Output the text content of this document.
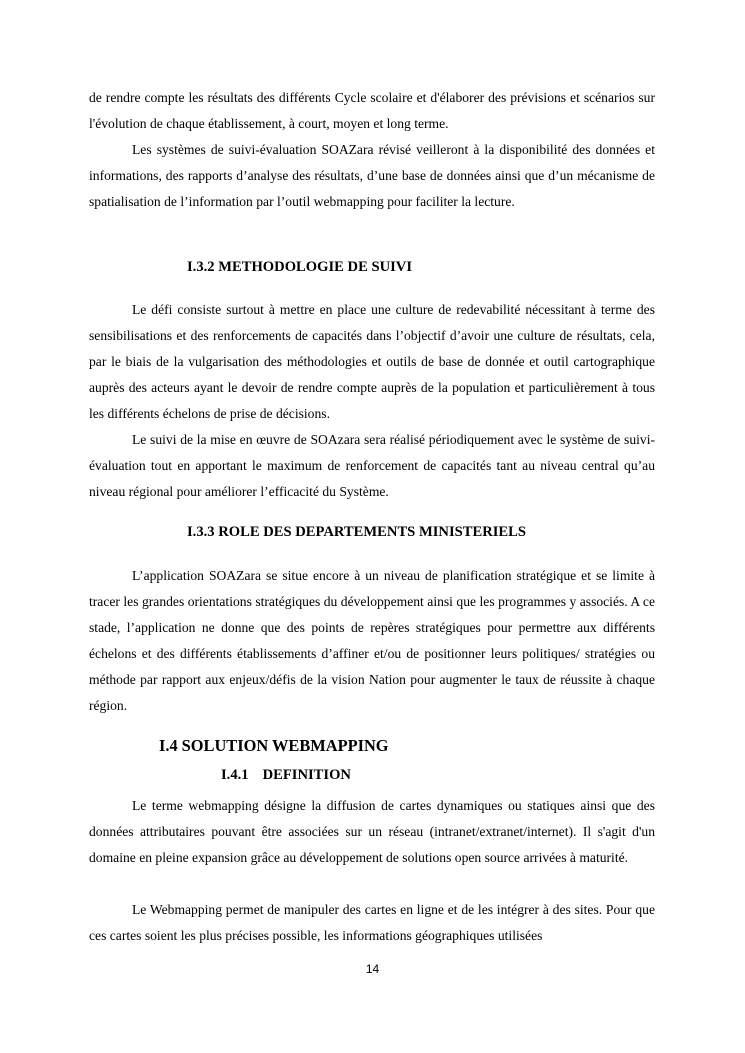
de rendre compte les résultats des différents Cycle scolaire et d'élaborer des prévisions et scénarios sur l'évolution de chaque établissement, à court, moyen et long terme.

Les systèmes de suivi-évaluation SOAZara révisé veilleront à la disponibilité des données et informations, des rapports d’analyse des résultats, d’une base de données ainsi que d’un mécanisme de spatialisation de l’information par l’outil webmapping pour faciliter la lecture.

I.3.2 METHODOLOGIE DE SUIVI

Le défi consiste surtout à mettre en place une culture de redevabilité nécessitant à terme des sensibilisations et des renforcements de capacités dans l’objectif d’avoir une culture de résultats, cela, par le biais de la vulgarisation des méthodologies et outils de base de donnée et outil cartographique auprès des acteurs ayant le devoir de rendre compte auprès de la population et particulièrement à tous les différents échelons de prise de décisions.

Le suivi de la mise en œuvre de SOAzara sera réalisé périodiquement avec le système de suivi-évaluation tout en apportant le maximum de renforcement de capacités tant au niveau central qu’au niveau régional pour améliorer l’efficacité du Système.

I.3.3 ROLE DES DEPARTEMENTS MINISTERIELS

L’application SOAZara se situe encore à un niveau de planification stratégique et se limite à tracer les grandes orientations stratégiques du développement ainsi que les programmes y associés. A ce stade, l’application ne donne que des points de repères stratégiques pour permettre aux différents échelons et des différents établissements d’affiner et/ou de positionner leurs politiques/ stratégies ou méthode par rapport aux enjeux/défis de la vision Nation pour augmenter le taux de réussite à chaque région.

I.4 SOLUTION WEBMAPPING
I.4.1 DEFINITION

Le terme webmapping désigne la diffusion de cartes dynamiques ou statiques ainsi que des données attributaires pouvant être associées sur un réseau (intranet/extranet/internet). Il s'agit d'un domaine en pleine expansion grâce au développement de solutions open source arrivées à maturité.

Le Webmapping permet de manipuler des cartes en ligne et de les intégrer à des sites. Pour que ces cartes soient les plus précises possible, les informations géographiques utilisées

14
